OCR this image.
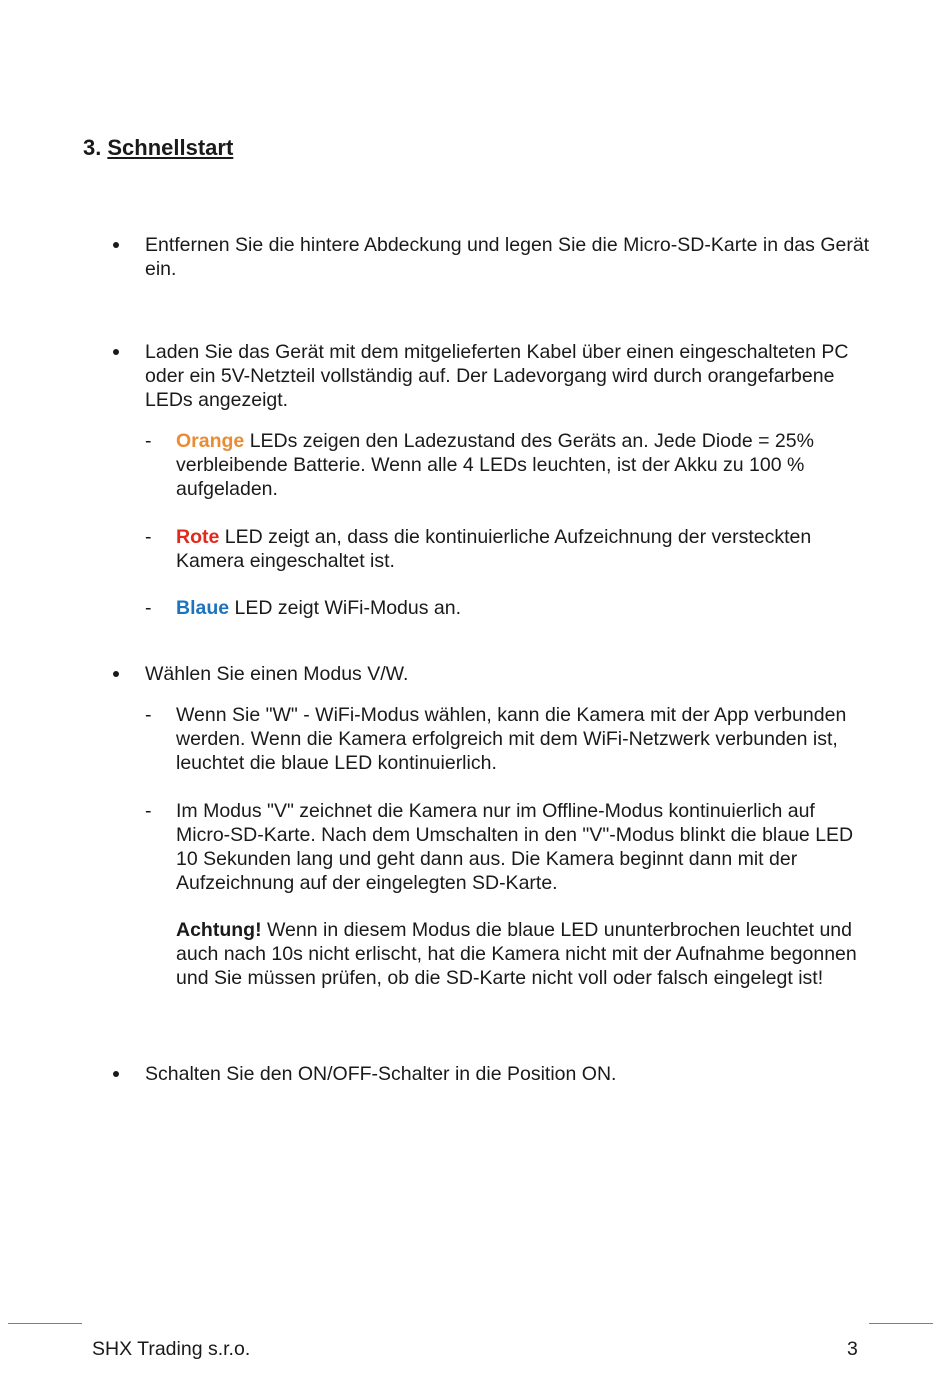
3. Schnellstart
Entfernen Sie die hintere Abdeckung und legen Sie die Micro-SD-Karte in das Gerät ein.
Laden Sie das Gerät mit dem mitgelieferten Kabel über einen eingeschalteten PC oder ein 5V-Netzteil vollständig auf. Der Ladevorgang wird durch orangefarbene LEDs angezeigt.
- Orange LEDs zeigen den Ladezustand des Geräts an. Jede Diode = 25% verbleibende Batterie. Wenn alle 4 LEDs leuchten, ist der Akku zu 100 % aufgeladen.
- Rote LED zeigt an, dass die kontinuierliche Aufzeichnung der versteckten Kamera eingeschaltet ist.
- Blaue LED zeigt WiFi-Modus an.
Wählen Sie einen Modus V/W.
- Wenn Sie "W" - WiFi-Modus wählen, kann die Kamera mit der App verbunden werden. Wenn die Kamera erfolgreich mit dem WiFi-Netzwerk verbunden ist, leuchtet die blaue LED kontinuierlich.
- Im Modus "V" zeichnet die Kamera nur im Offline-Modus kontinuierlich auf Micro-SD-Karte. Nach dem Umschalten in den "V"-Modus blinkt die blaue LED 10 Sekunden lang und geht dann aus. Die Kamera beginnt dann mit der Aufzeichnung auf der eingelegten SD-Karte.
Achtung! Wenn in diesem Modus die blaue LED ununterbrochen leuchtet und auch nach 10s nicht erlischt, hat die Kamera nicht mit der Aufnahme begonnen und Sie müssen prüfen, ob die SD-Karte nicht voll oder falsch eingelegt ist!
Schalten Sie den ON/OFF-Schalter in die Position ON.
SHX Trading s.r.o.	3
